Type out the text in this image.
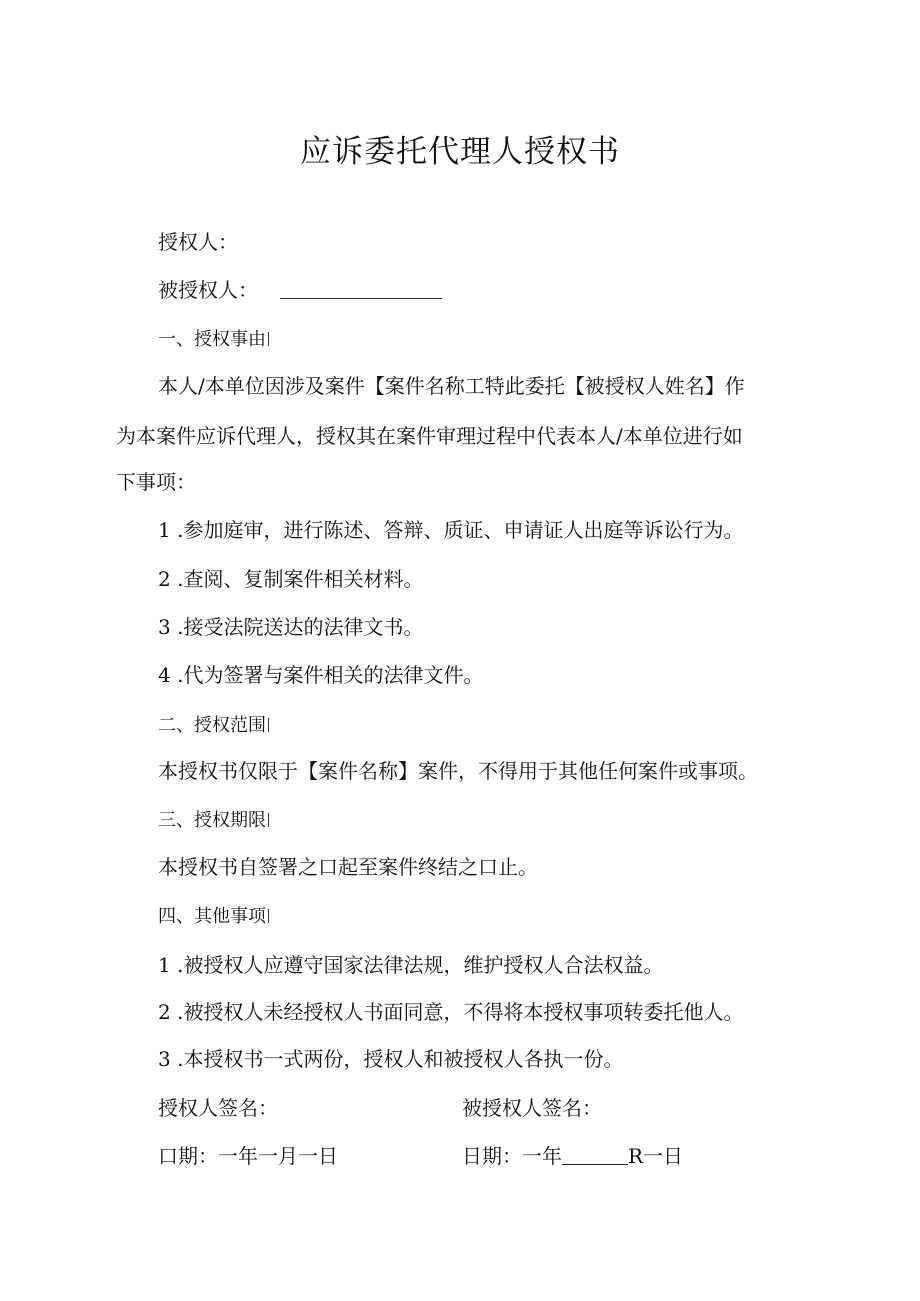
应诉委托代理人授权书
授权人：
被授权人：
一、授权事由
本人/本单位因涉及案件【案件名称工特此委托【被授权人姓名】作
为本案件应诉代理人，授权其在案件审理过程中代表本人/本单位进行如
下事项：
1 .参加庭审，进行陈述、答辩、质证、申请证人出庭等诉讼行为。
2 .查阅、复制案件相关材料。
3 .接受法院送达的法律文书。
4 .代为签署与案件相关的法律文件。
二、授权范围
本授权书仅限于【案件名称】案件，不得用于其他任何案件或事项。
三、授权期限
本授权书自签署之口起至案件终结之口止。
四、其他事项
1 .被授权人应遵守国家法律法规，维护授权人合法权益。
2 .被授权人未经授权人书面同意，不得将本授权事项转委托他人。
3 .本授权书一式两份，授权人和被授权人各执一份。
授权人签名：	被授权人签名：
口期：一年一月一日	日期：一年	R一日
